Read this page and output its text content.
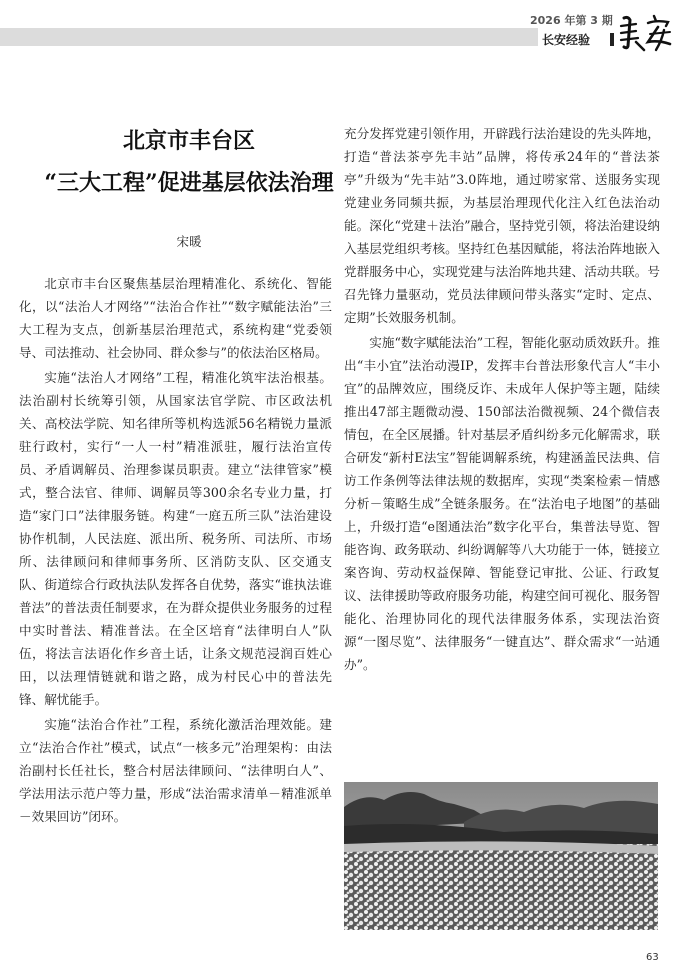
2026 年第 3 期
长安经验
北京市丰台区
“三大工程”促进基层依法治理
宋暖

北京市丰台区聚焦基层治理精准化、系统化、智能化，以“法治人才网络”“法治合作社”“数字赋能法治”三大工程为支点，创新基层治理范式，系统构建“党委领导、司法推动、社会协同、群众参与”的依法治区格局。

实施“法治人才网络”工程，精准化筑牢法治根基。法治副村长统筹引领，从国家法官学院、市区政法机关、高校法学院、知名律所等机构选派56名精锐力量派驻行政村，实行“一人一村”精准派驻，履行法治宣传员、矛盾调解员、治理参谋员职责。建立“法律管家”模式，整合法官、律师、调解员等300余名专业力量，打造“家门口”法律服务链。构建“一庭五所三队”法治建设协作机制，人民法庭、派出所、税务所、司法所、市场所、法律顾问和律师事务所、区消防支队、区交通支队、街道综合行政执法队发挥各自优势，落实“谁执法谁普法”的普法责任制要求，在为群众提供业务服务的过程中实时普法、精准普法。在全区培育“法律明白人”队伍，将法言法语化作乡音土话，让条文规范浸润百姓心田，以法理情链就和谐之路，成为村民心中的普法先锋、解忧能手。

实施“法治合作社”工程，系统化激活治理效能。建立“法治合作社”模式，试点“一核多元”治理架构：由法治副村长任社长，整合村居法律顾问、“法律明白人”、学法用法示范户等力量，形成“法治需求清单－精准派单－效果回访”闭环。

充分发挥党建引领作用，开辟践行法治建设的先头阵地，打造“普法茶亭先丰站”品牌，将传承24年的“普法茶亭”升级为“先丰站”3.0阵地，通过唠家常、送服务实现党建业务同频共振，为基层治理现代化注入红色法治动能。深化“党建＋法治”融合，坚持党引领，将法治建设纳入基层党组织考核。坚持红色基因赋能，将法治阵地嵌入党群服务中心，实现党建与法治阵地共建、活动共联。号召先锋力量驱动，党员法律顾问带头落实“定时、定点、定期”长效服务机制。

实施“数字赋能法治”工程，智能化驱动质效跃升。推出“丰小宜”法治动漫IP，发挥丰台普法形象代言人“丰小宜”的品牌效应，围绕反诈、未成年人保护等主题，陆续推出47部主题微动漫、150部法治微视频、24个微信表情包，在全区展播。针对基层矛盾纠纷多元化解需求，联合研发“新村E法宝”智能调解系统，构建涵盖民法典、信访工作条例等法律法规的数据库，实现“类案检索－情感分析－策略生成”全链条服务。在“法治电子地图”的基础上，升级打造“e图通法治”数字化平台，集普法导览、智能咨询、政务联动、纠纷调解等八大功能于一体，链接立案咨询、劳动权益保障、智能登记审批、公证、行政复议、法律援助等政府服务功能，构建空间可视化、服务智能化、治理协同化的现代法律服务体系，实现法治资源“一图尽览”、法律服务“一键直达”、群众需求“一站通办”。

63
